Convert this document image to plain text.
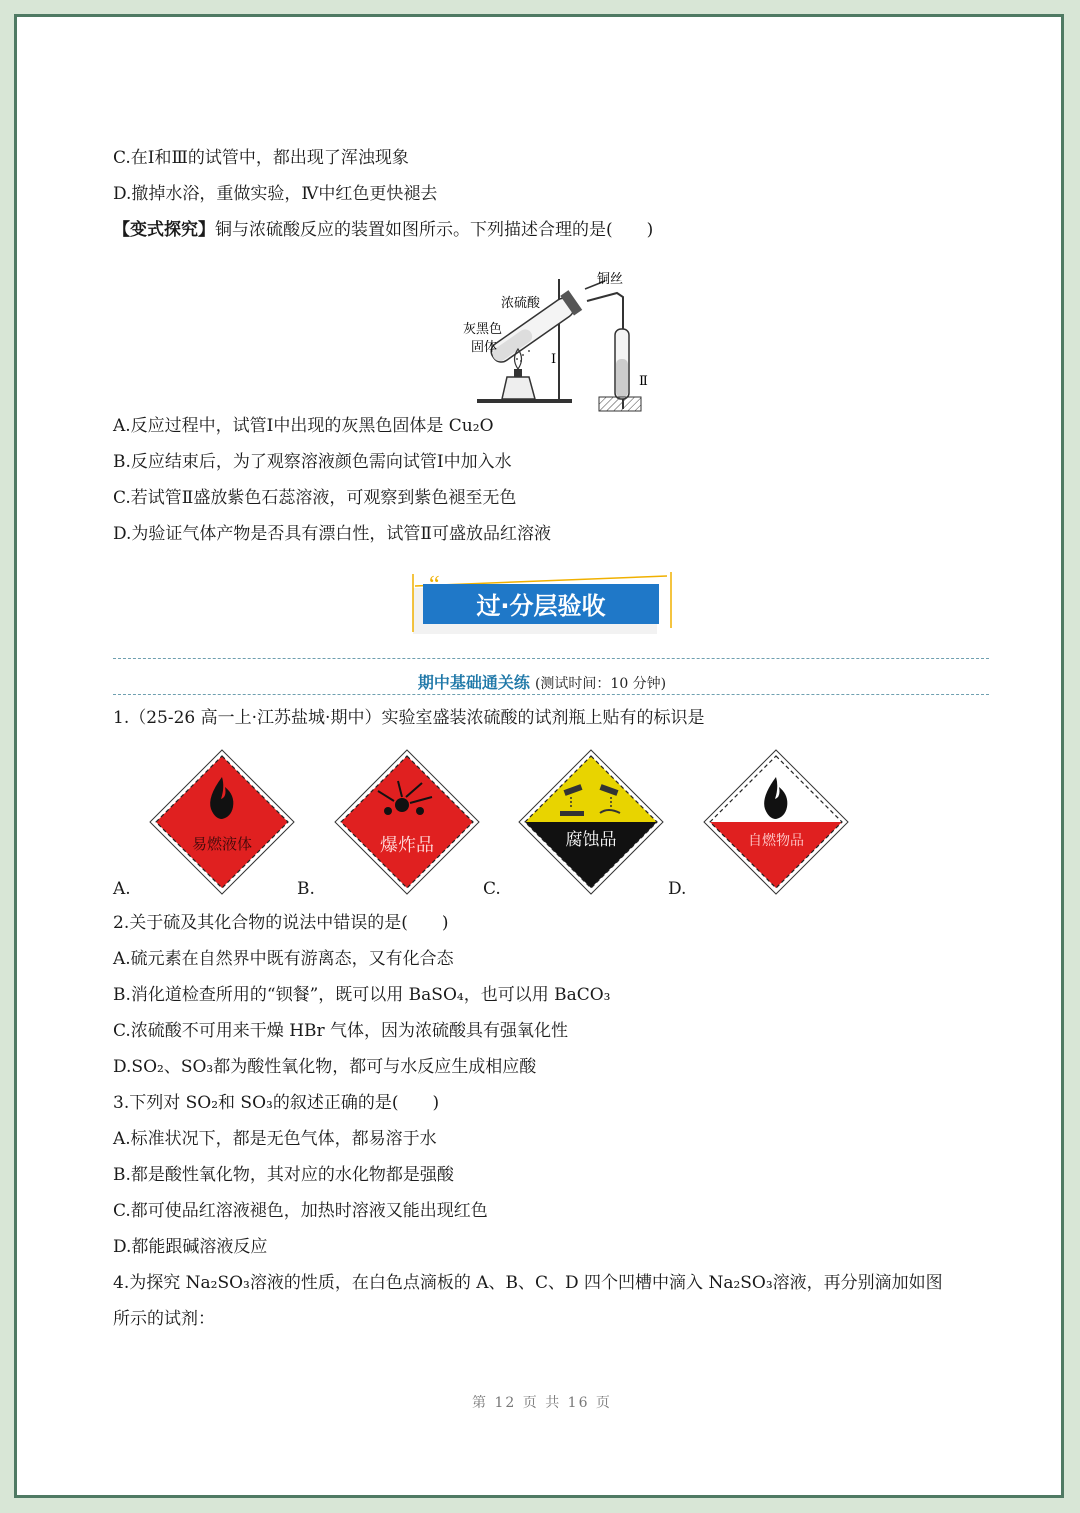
C.在Ⅰ和Ⅲ的试管中，都出现了浑浊现象
D.撤掉水浴，重做实验，Ⅳ中红色更快褪去
【变式探究】铜与浓硫酸反应的装置如图所示。下列描述合理的是(　　)
铜丝
浓硫酸
灰黑色
固体
Ⅰ
Ⅱ
A.反应过程中，试管Ⅰ中出现的灰黑色固体是 Cu₂O
B.反应结束后，为了观察溶液颜色需向试管Ⅰ中加入水
C.若试管Ⅱ盛放紫色石蕊溶液，可观察到紫色褪至无色
D.为验证气体产物是否具有漂白性，试管Ⅱ可盛放品红溶液
“
过·分层验收
期中基础通关练 (测试时间：10 分钟)
1.（25-26 高一上·江苏盐城·期中）实验室盛装浓硫酸的试剂瓶上贴有的标识是
易燃液体	爆炸品	腐蚀品	自燃物品
A.	B.	C.	D.
2.关于硫及其化合物的说法中错误的是(　　)
A.硫元素在自然界中既有游离态，又有化合态
B.消化道检查所用的“钡餐”，既可以用 BaSO₄，也可以用 BaCO₃
C.浓硫酸不可用来干燥 HBr 气体，因为浓硫酸具有强氧化性
D.SO₂、SO₃都为酸性氧化物，都可与水反应生成相应酸
3.下列对 SO₂和 SO₃的叙述正确的是(　　)
A.标准状况下，都是无色气体，都易溶于水
B.都是酸性氧化物，其对应的水化物都是强酸
C.都可使品红溶液褪色，加热时溶液又能出现红色
D.都能跟碱溶液反应
4.为探究 Na₂SO₃溶液的性质，在白色点滴板的 A、B、C、D 四个凹槽中滴入 Na₂SO₃溶液，再分别滴加如图
所示的试剂：
第 12 页 共 16 页
